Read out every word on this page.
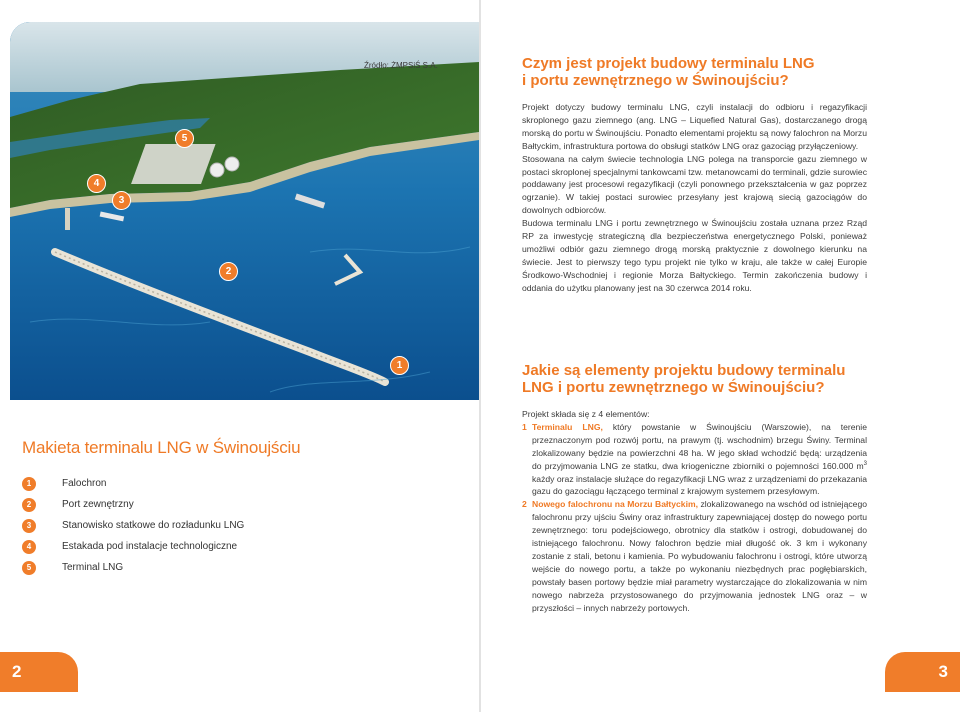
Źródło: ŻMPSiŚ S.A.
4
3
5
2
1
Makieta terminalu LNG w Świnoujściu
1	Falochron
2	Port zewnętrzny
3	Stanowisko statkowe do rozładunku LNG
4	Estakada pod instalacje technologiczne
5	Terminal LNG
2	3
Czym jest projekt budowy terminalu LNG
i portu zewnętrznego w Świnoujściu?

Projekt dotyczy budowy terminalu LNG, czyli instalacji do odbioru i regazyfikacji skroplonego gazu ziemnego (ang. LNG – Liquefied Natural Gas), dostarczanego drogą morską do portu w Świnoujściu. Ponadto elementami projektu są nowy falochron na Morzu Bałtyckim, infrastruktura portowa do obsługi statków LNG oraz gazociąg przyłączeniowy.

Stosowana na całym świecie technologia LNG polega na transporcie gazu ziemnego w postaci skroplonej specjalnymi tankowcami tzw. metanowcami do terminali, gdzie surowiec poddawany jest procesowi regazyfikacji (czyli ponownego przekształcenia w gaz poprzez ogrzanie). W takiej postaci surowiec przesyłany jest krajową siecią gazociągów do dowolnych odbiorców.

Budowa terminalu LNG i portu zewnętrznego w Świnoujściu została uznana przez Rząd RP za inwestycję strategiczną dla bezpieczeństwa energetycznego Polski, ponieważ umożliwi odbiór gazu ziemnego drogą morską praktycznie z dowolnego kierunku na świecie. Jest to pierwszy tego typu projekt nie tylko w kraju, ale także w całej Europie Środkowo-Wschodniej i regionie Morza Bałtyckiego. Termin zakończenia budowy i oddania do użytku planowany jest na 30 czerwca 2014 roku.

Jakie są elementy projektu budowy terminalu
LNG i portu zewnętrznego w Świnoujściu?

Projekt składa się z 4 elementów:

1 Terminalu LNG, który powstanie w Świnoujściu (Warszowie), na terenie przeznaczonym pod rozwój portu, na prawym (tj. wschodnim) brzegu Świny. Terminal zlokalizowany będzie na powierzchni 48 ha. W jego skład wchodzić będą: urządzenia do przyjmowania LNG ze statku, dwa kriogeniczne zbiorniki o pojemności 160.000 $m^3$ każdy oraz instalacje służące do regazyfikacji LNG wraz z urządzeniami do przekazania gazu do gazociągu łączącego terminal z krajowym systemem przesyłowym.

2 Nowego falochronu na Morzu Bałtyckim, zlokalizowanego na wschód od istniejącego falochronu przy ujściu Świny oraz infrastruktury zapewniającej dostęp do nowego portu zewnętrznego: toru podejściowego, obrotnicy dla statków i ostrogi, dobudowanej do istniejącego falochronu. Nowy falochron będzie miał długość ok. 3 km i wykonany zostanie z stali, betonu i kamienia. Po wybudowaniu falochronu i ostrogi, które utworzą wejście do nowego portu, a także po wykonaniu niezbędnych prac pogłębiarskich, powstały basen portowy będzie miał parametry wystarczające do zlokalizowania w nim nowego nabrzeża przystosowanego do przyjmowania jednostek LNG oraz – w przyszłości – innych nabrzeży portowych.
